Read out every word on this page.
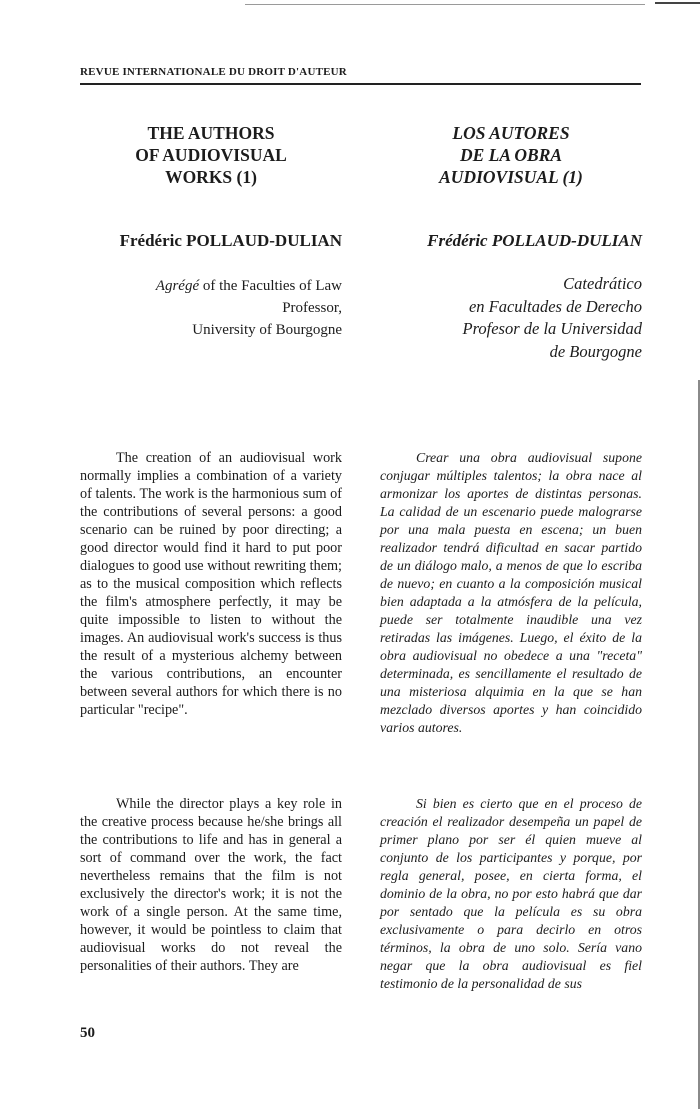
REVUE INTERNATIONALE DU DROIT D'AUTEUR

THE AUTHORS

OF AUDIOVISUAL

WORKS (1)

Frédéric POLLAUD-DULIAN

Agrégé of the Faculties of Law

Professor,

University of Bourgogne

The creation of an audiovisual work normally implies a combination of a variety of talents. The work is the harmonious sum of the contributions of several persons: a good scenario can be ruined by poor directing; a good director would find it hard to put poor dialogues to good use without rewriting them; as to the musical composition which reflects the film's atmosphere perfectly, it may be quite impossible to listen to without the images. An audiovisual work's success is thus the result of a mysterious alchemy between the various contributions, an encounter between several authors for which there is no particular "recipe".

While the director plays a key role in the creative process because he/she brings all the contributions to life and has in general a sort of command over the work, the fact nevertheless remains that the film is not exclusively the director's work; it is not the work of a single person. At the same time, however, it would be pointless to claim that audiovisual works do not reveal the personalities of their authors. They are

LOS AUTORES

DE LA OBRA

AUDIOVISUAL (1)

Frédéric POLLAUD-DULIAN

Catedrático

en Facultades de Derecho

Profesor de la Universidad

de Bourgogne

Crear una obra audiovisual supone conjugar múltiples talentos; la obra nace al armonizar los aportes de distintas personas. La calidad de un escenario puede malograrse por una mala puesta en escena; un buen realizador tendrá dificultad en sacar partido de un diálogo malo, a menos de que lo escriba de nuevo; en cuanto a la composición musical bien adaptada a la atmósfera de la película, puede ser totalmente inaudible una vez retiradas las imágenes. Luego, el éxito de la obra audiovisual no obedece a una "receta" determinada, es sencillamente el resultado de una misteriosa alquimia en la que se han mezclado diversos aportes y han coincidido varios autores.

Si bien es cierto que en el proceso de creación el realizador desempeña un papel de primer plano por ser él quien mueve al conjunto de los participantes y porque, por regla general, posee, en cierta forma, el dominio de la obra, no por esto habrá que dar por sentado que la película es su obra exclusivamente o para decirlo en otros términos, la obra de uno solo. Sería vano negar que la obra audiovisual es fiel testimonio de la personalidad de sus

50
